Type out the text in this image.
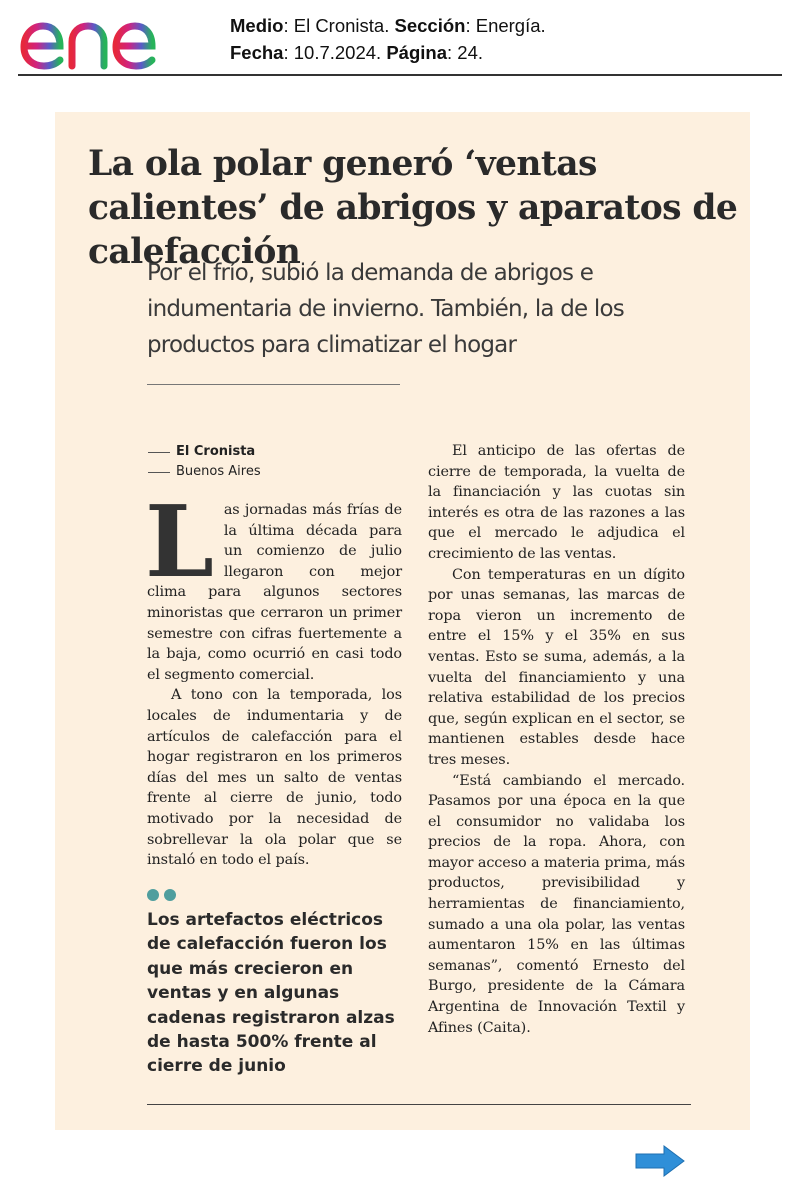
Medio: El Cronista. Sección: Energía.
Fecha: 10.7.2024. Página: 24.
La ola polar generó ‘ventas calientes’ de abrigos y aparatos de calefacción

Por el frío, subió la demanda de abrigos e indumentaria de invierno. También, la de los productos para climatizar el hogar

El Cronista
Buenos Aires

Las jornadas más frías de la última década para un comienzo de julio llegaron con mejor clima para algunos sectores minoristas que cerraron un primer semestre con cifras fuertemente a la baja, como ocurrió en casi todo el segmento comercial.

A tono con la temporada, los locales de indumentaria y de artículos de calefacción para el hogar registraron en los primeros días del mes un salto de ventas frente al cierre de junio, todo motivado por la necesidad de sobrellevar la ola polar que se instaló en todo el país.

Los artefactos eléctricos de calefacción fueron los que más crecieron en ventas y en algunas cadenas registraron alzas de hasta 500% frente al cierre de junio

El anticipo de las ofertas de cierre de temporada, la vuelta de la financiación y las cuotas sin interés es otra de las razones a las que el mercado le adjudica el crecimiento de las ventas.

Con temperaturas en un dígito por unas semanas, las marcas de ropa vieron un incremento de entre el 15% y el 35% en sus ventas. Esto se suma, además, a la vuelta del financiamiento y una relativa estabilidad de los precios que, según explican en el sector, se mantienen estables desde hace tres meses.

“Está cambiando el mercado. Pasamos por una época en la que el consumidor no validaba los precios de la ropa. Ahora, con mayor acceso a materia prima, más productos, previsibilidad y herramientas de financiamiento, sumado a una ola polar, las ventas aumentaron 15% en las últimas semanas”, comentó Ernesto del Burgo, presidente de la Cámara Argentina de Innovación Textil y Afines (Caita).
